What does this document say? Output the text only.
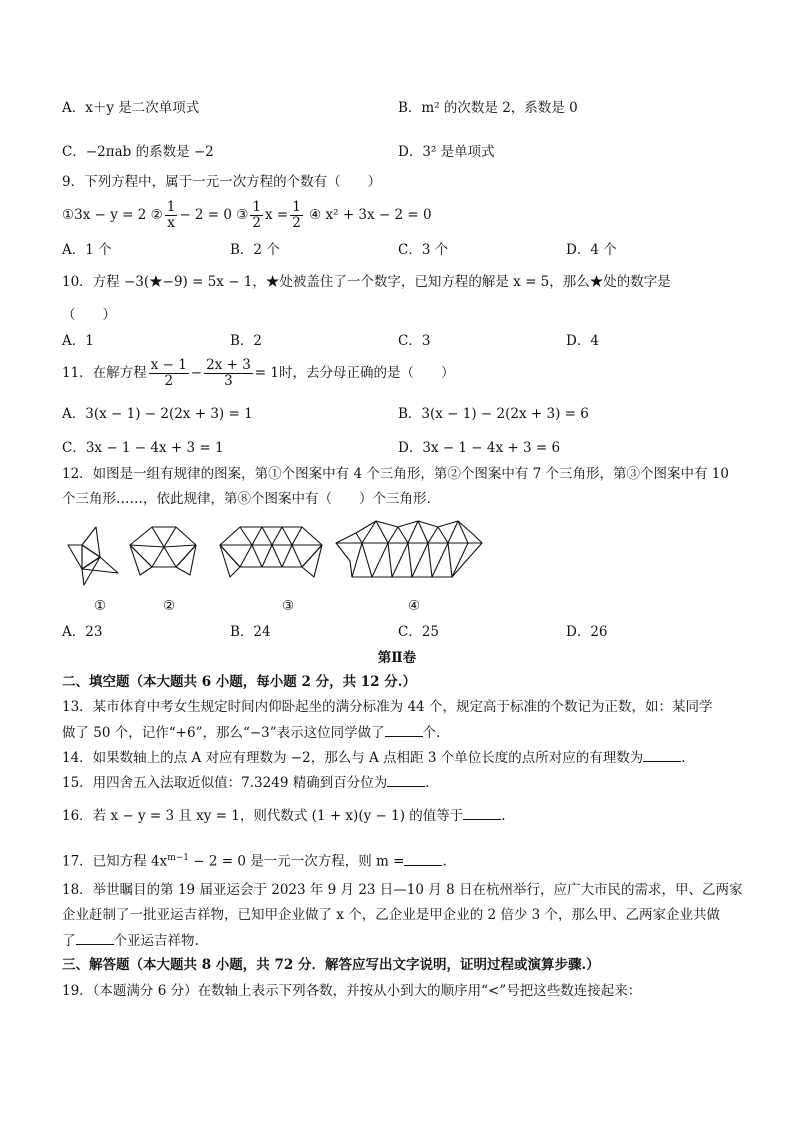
A．x＋y 是二次单项式	B．m² 的次数是 2，系数是 0
C．−2πab 的系数是 −2	D．3² 是单项式
9．下列方程中，属于一元一次方程的个数有（　　）
①3x − y = 2 ② $\frac{1}{x} - 2 = 0$ ③ $\frac{1}{2}$ $x = \frac{1}{2}$ ④ x² + 3x − 2 = 0
A．1 个	B．2 个	C．3 个	D．4 个
10．方程 −3(★−9) = 5x − 1，★处被盖住了一个数字，已知方程的解是 x = 5，那么★处的数字是
（　　）
A．1	B．2	C．3	D．4
11．在解方程 $\frac{x - 1}{2} - \frac{2x + 3}{3} = 1$时，去分母正确的是（　　）
A．3(x − 1) − 2(2x + 3) = 1	B．3(x − 1) − 2(2x + 3) = 6
C．3x − 1 − 4x + 3 = 1	D．3x − 1 − 4x + 3 = 6
12．如图是一组有规律的图案，第①个图案中有 4 个三角形，第②个图案中有 7 个三角形，第③个图案中有 10
个三角形……，依此规律，第⑧个图案中有（　　）个三角形．
①	②	③	④
A．23	B．24	C．25	D．26
第Ⅱ卷
二、填空题（本大题共 6 小题，每小题 2 分，共 12 分.）
13．某市体育中考女生规定时间内仰卧起坐的满分标准为 44 个，规定高于标准的个数记为正数，如：某同学
做了 50 个，记作“+6”，那么“−3”表示这位同学做了	个.
14．如果数轴上的点 A 对应有理数为 −2，那么与 A 点相距 3 个单位长度的点所对应的有理数为	.
15．用四舍五入法取近似值：7.3249 精确到百分位为	.
16．若 x − y = 3 且 xy = 1，则代数式 (1 + x)(y − 1) 的值等于	.
17．已知方程 $4x^{m-1} - 2 = 0$ 是一元一次方程，则 m =	.
18．举世瞩目的第 19 届亚运会于 2023 年 9 月 23 日—10 月 8 日在杭州举行，应广大市民的需求，甲、乙两家
企业赶制了一批亚运吉祥物，已知甲企业做了 x 个，乙企业是甲企业的 2 倍少 3 个，那么甲、乙两家企业共做
了	个亚运吉祥物.
三、解答题（本大题共 8 小题，共 72 分．解答应写出文字说明，证明过程或演算步骤.）
19．（本题满分 6 分）在数轴上表示下列各数，并按从小到大的顺序用“<”号把这些数连接起来：
